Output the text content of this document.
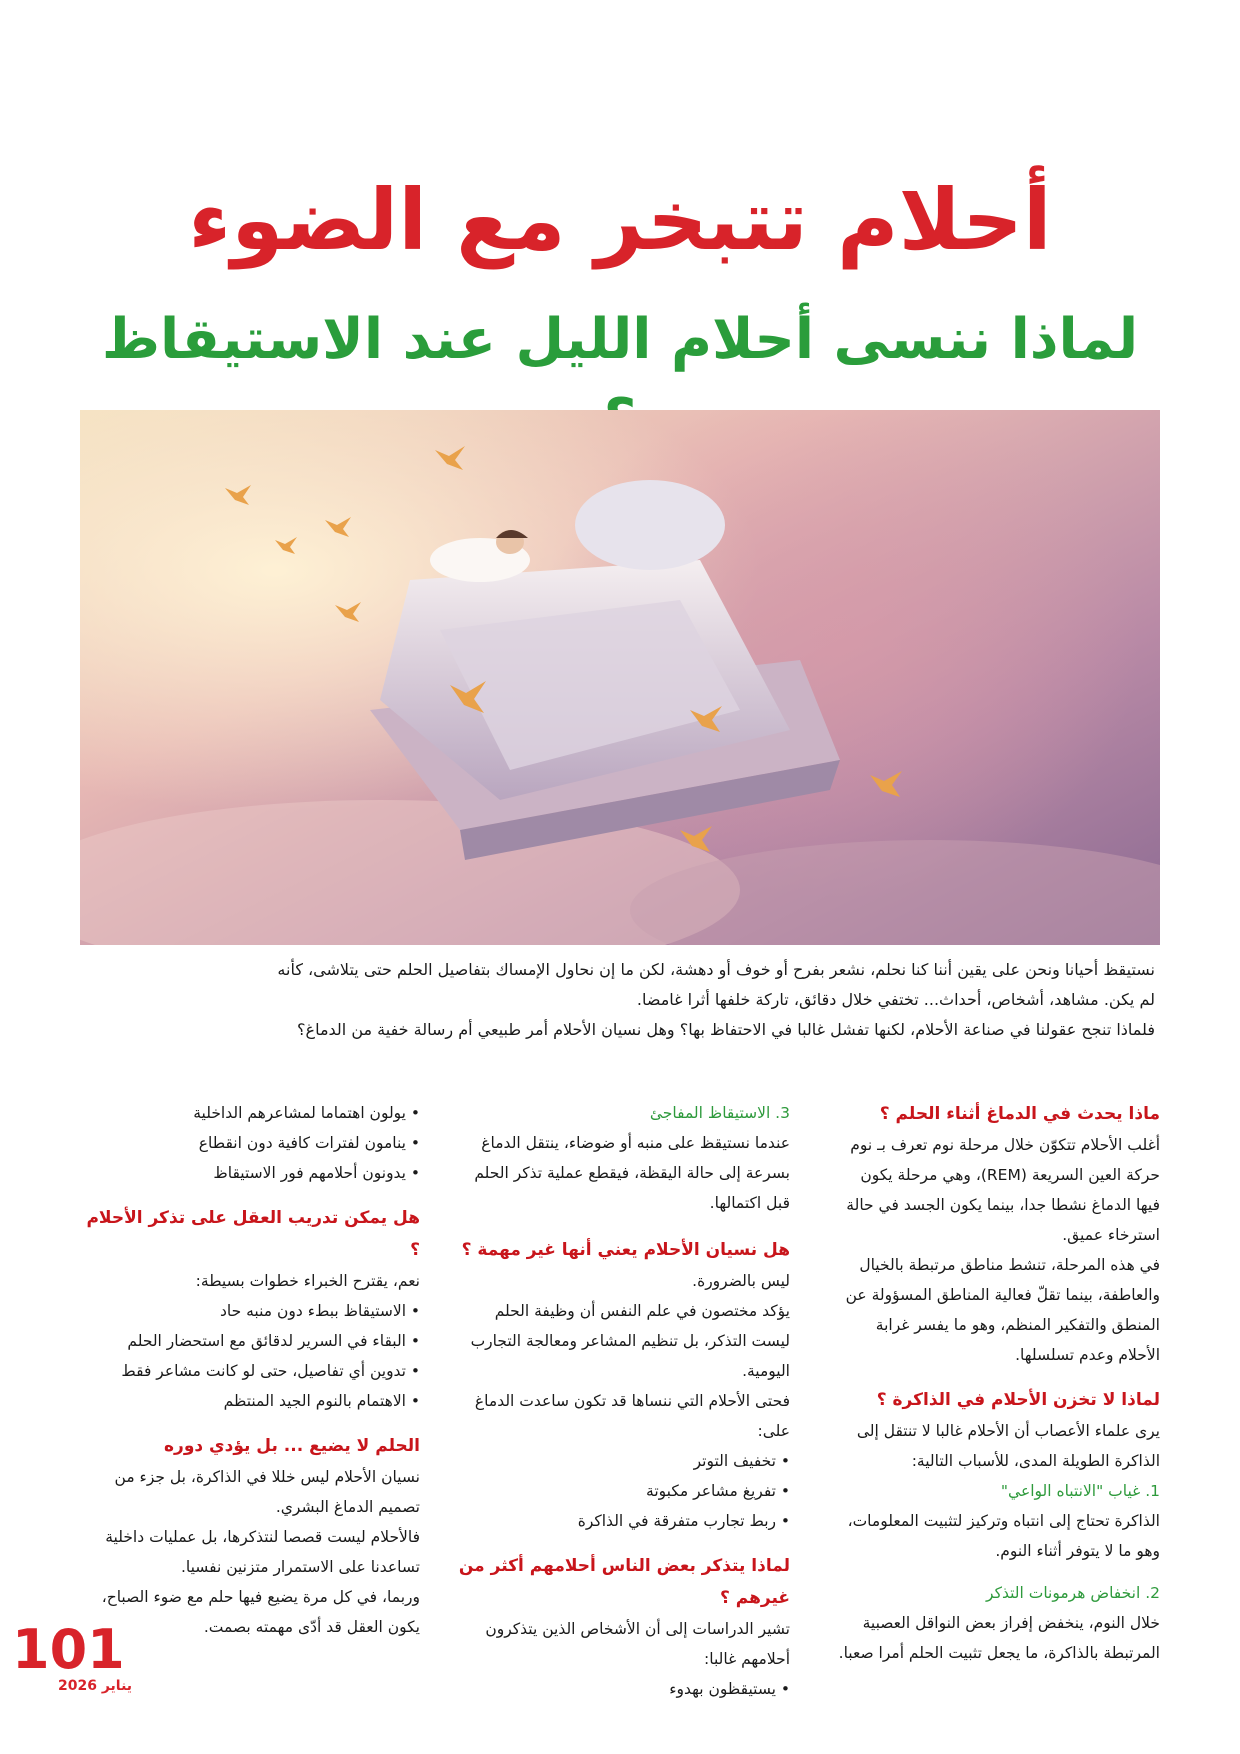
أحلام تتبخر مع الضوء
لماذا ننسى أحلام الليل عند الاستيقاظ

نستيقظ أحيانا ونحن على يقين أننا كنا نحلم، نشعر بفرح أو خوف أو دهشة، لكن ما إن نحاول الإمساك بتفاصيل الحلم حتى يتلاشى، كأنه لم يكن. مشاهد، أشخاص، أحداث... تختفي خلال دقائق، تاركة خلفها أثرا غامضا.

فلماذا تنجح عقولنا في صناعة الأحلام، لكنها تفشل غالبا في الاحتفاظ بها؟ وهل نسيان الأحلام أمر طبيعي أم رسالة خفية من الدماغ؟

ماذا يحدث في الدماغ أثناء الحلم ؟

أغلب الأحلام تتكوّن خلال مرحلة نوم تعرف بـ نوم حركة العين السريعة (REM)، وهي مرحلة يكون فيها الدماغ نشطا جدا، بينما يكون الجسد في حالة استرخاء عميق.

في هذه المرحلة، تنشط مناطق مرتبطة بالخيال والعاطفة، بينما تقلّ فعالية المناطق المسؤولة عن المنطق والتفكير المنظم، وهو ما يفسر غرابة الأحلام وعدم تسلسلها.

لماذا لا تخزن الأحلام في الذاكرة ؟

يرى علماء الأعصاب أن الأحلام غالبا لا تنتقل إلى الذاكرة الطويلة المدى، للأسباب التالية:

1. غياب "الانتباه الواعي"

الذاكرة تحتاج إلى انتباه وتركيز لتثبيت المعلومات، وهو ما لا يتوفر أثناء النوم.

2. انخفاض هرمونات التذكر

خلال النوم، ينخفض إفراز بعض النواقل العصبية المرتبطة بالذاكرة، ما يجعل تثبيت الحلم أمرا صعبا.

3. الاستيقاظ المفاجئ

عندما نستيقظ على منبه أو ضوضاء، ينتقل الدماغ بسرعة إلى حالة اليقظة، فيقطع عملية تذكر الحلم قبل اكتمالها.

هل نسيان الأحلام يعني أنها غير مهمة ؟

ليس بالضرورة.

يؤكد مختصون في علم النفس أن وظيفة الحلم ليست التذكر، بل تنظيم المشاعر ومعالجة التجارب اليومية.

فحتى الأحلام التي ننساها قد تكون ساعدت الدماغ على:

• تخفيف التوتر
• تفريغ مشاعر مكبوتة
• ربط تجارب متفرقة في الذاكرة
لماذا يتذكر بعض الناس أحلامهم أكثر من غيرهم ؟

تشير الدراسات إلى أن الأشخاص الذين يتذكرون أحلامهم غالبا:

• يستيقظون بهدوء
• يولون اهتماما لمشاعرهم الداخلية
• ينامون لفترات كافية دون انقطاع
• يدونون أحلامهم فور الاستيقاظ
هل يمكن تدريب العقل على تذكر الأحلام ؟

نعم، يقترح الخبراء خطوات بسيطة:

• الاستيقاظ ببطء دون منبه حاد
• البقاء في السرير لدقائق مع استحضار الحلم
• تدوين أي تفاصيل، حتى لو كانت مشاعر فقط
• الاهتمام بالنوم الجيد المنتظم
الحلم لا يضيع ... بل يؤدي دوره

نسيان الأحلام ليس خللا في الذاكرة، بل جزء من تصميم الدماغ البشري.

فالأحلام ليست قصصا لنتذكرها، بل عمليات داخلية تساعدنا على الاستمرار متزنين نفسيا.

وربما، في كل مرة يضيع فيها حلم مع ضوء الصباح، يكون العقل قد أدّى مهمته بصمت.

101
يناير 2026
